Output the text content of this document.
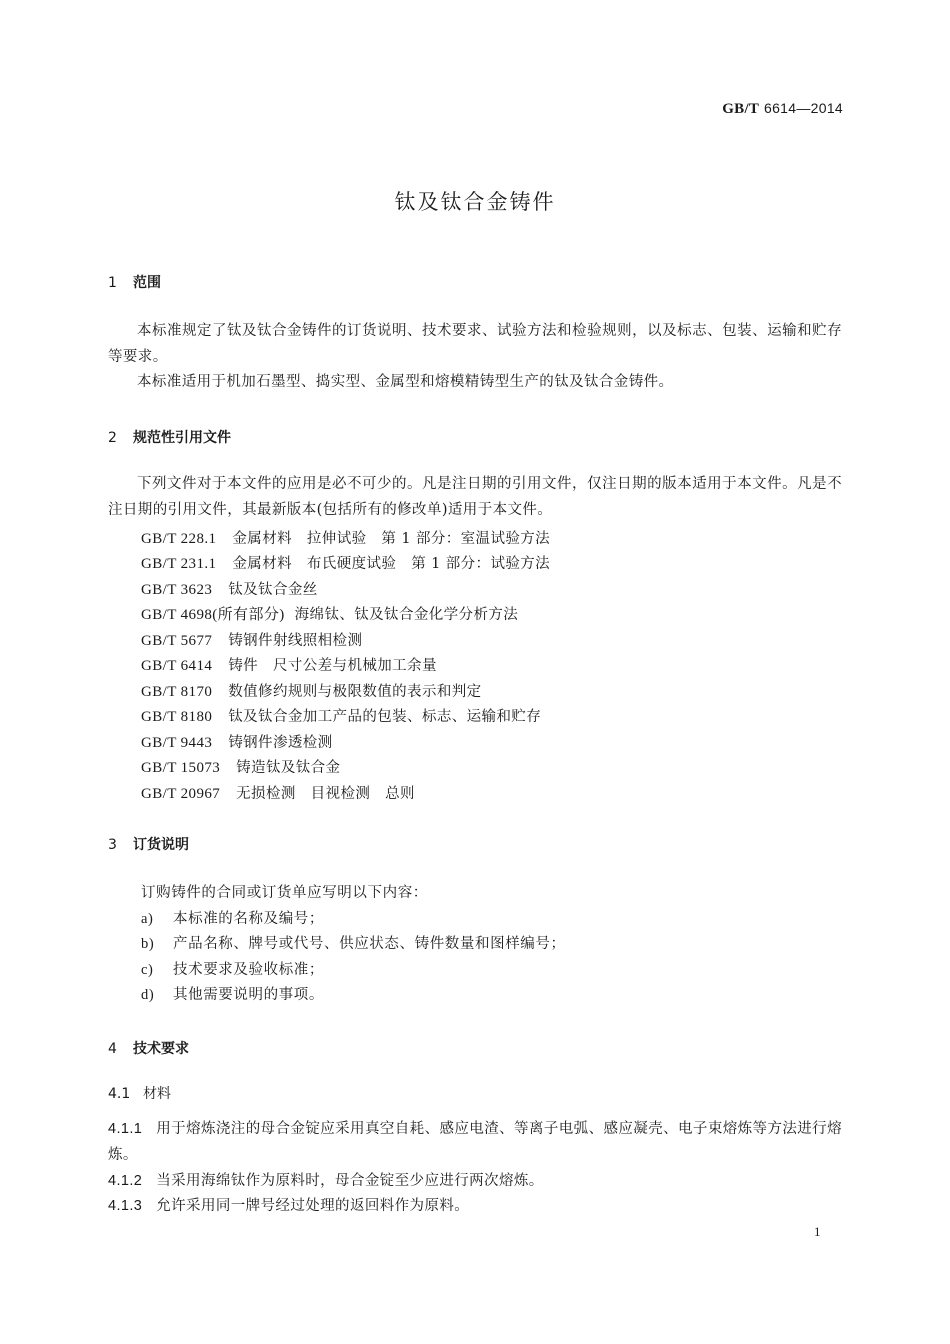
GB/T 6614—2014
钛及钛合金铸件
1 范围
本标准规定了钛及钛合金铸件的订货说明、技术要求、试验方法和检验规则，以及标志、包装、运输和贮存等要求。
本标准适用于机加石墨型、捣实型、金属型和熔模精铸型生产的钛及钛合金铸件。
2 规范性引用文件
下列文件对于本文件的应用是必不可少的。凡是注日期的引用文件，仅注日期的版本适用于本文件。凡是不注日期的引用文件，其最新版本(包括所有的修改单)适用于本文件。
GB/T 228.1 金属材料　拉伸试验　第 1 部分：室温试验方法
GB/T 231.1 金属材料　布氏硬度试验　第 1 部分：试验方法
GB/T 3623 钛及钛合金丝
GB/T 4698(所有部分) 海绵钛、钛及钛合金化学分析方法
GB/T 5677 铸钢件射线照相检测
GB/T 6414 铸件　尺寸公差与机械加工余量
GB/T 8170 数值修约规则与极限数值的表示和判定
GB/T 8180 钛及钛合金加工产品的包装、标志、运输和贮存
GB/T 9443 铸钢件渗透检测
GB/T 15073 铸造钛及钛合金
GB/T 20967 无损检测　目视检测　总则
3 订货说明
订购铸件的合同或订货单应写明以下内容：
a) 本标准的名称及编号；
b) 产品名称、牌号或代号、供应状态、铸件数量和图样编号；
c) 技术要求及验收标准；
d) 其他需要说明的事项。
4 技术要求
4.1 材料
4.1.1 用于熔炼浇注的母合金锭应采用真空自耗、感应电渣、等离子电弧、感应凝壳、电子束熔炼等方法进行熔炼。
4.1.2 当采用海绵钛作为原料时，母合金锭至少应进行两次熔炼。
4.1.3 允许采用同一牌号经过处理的返回料作为原料。
1
